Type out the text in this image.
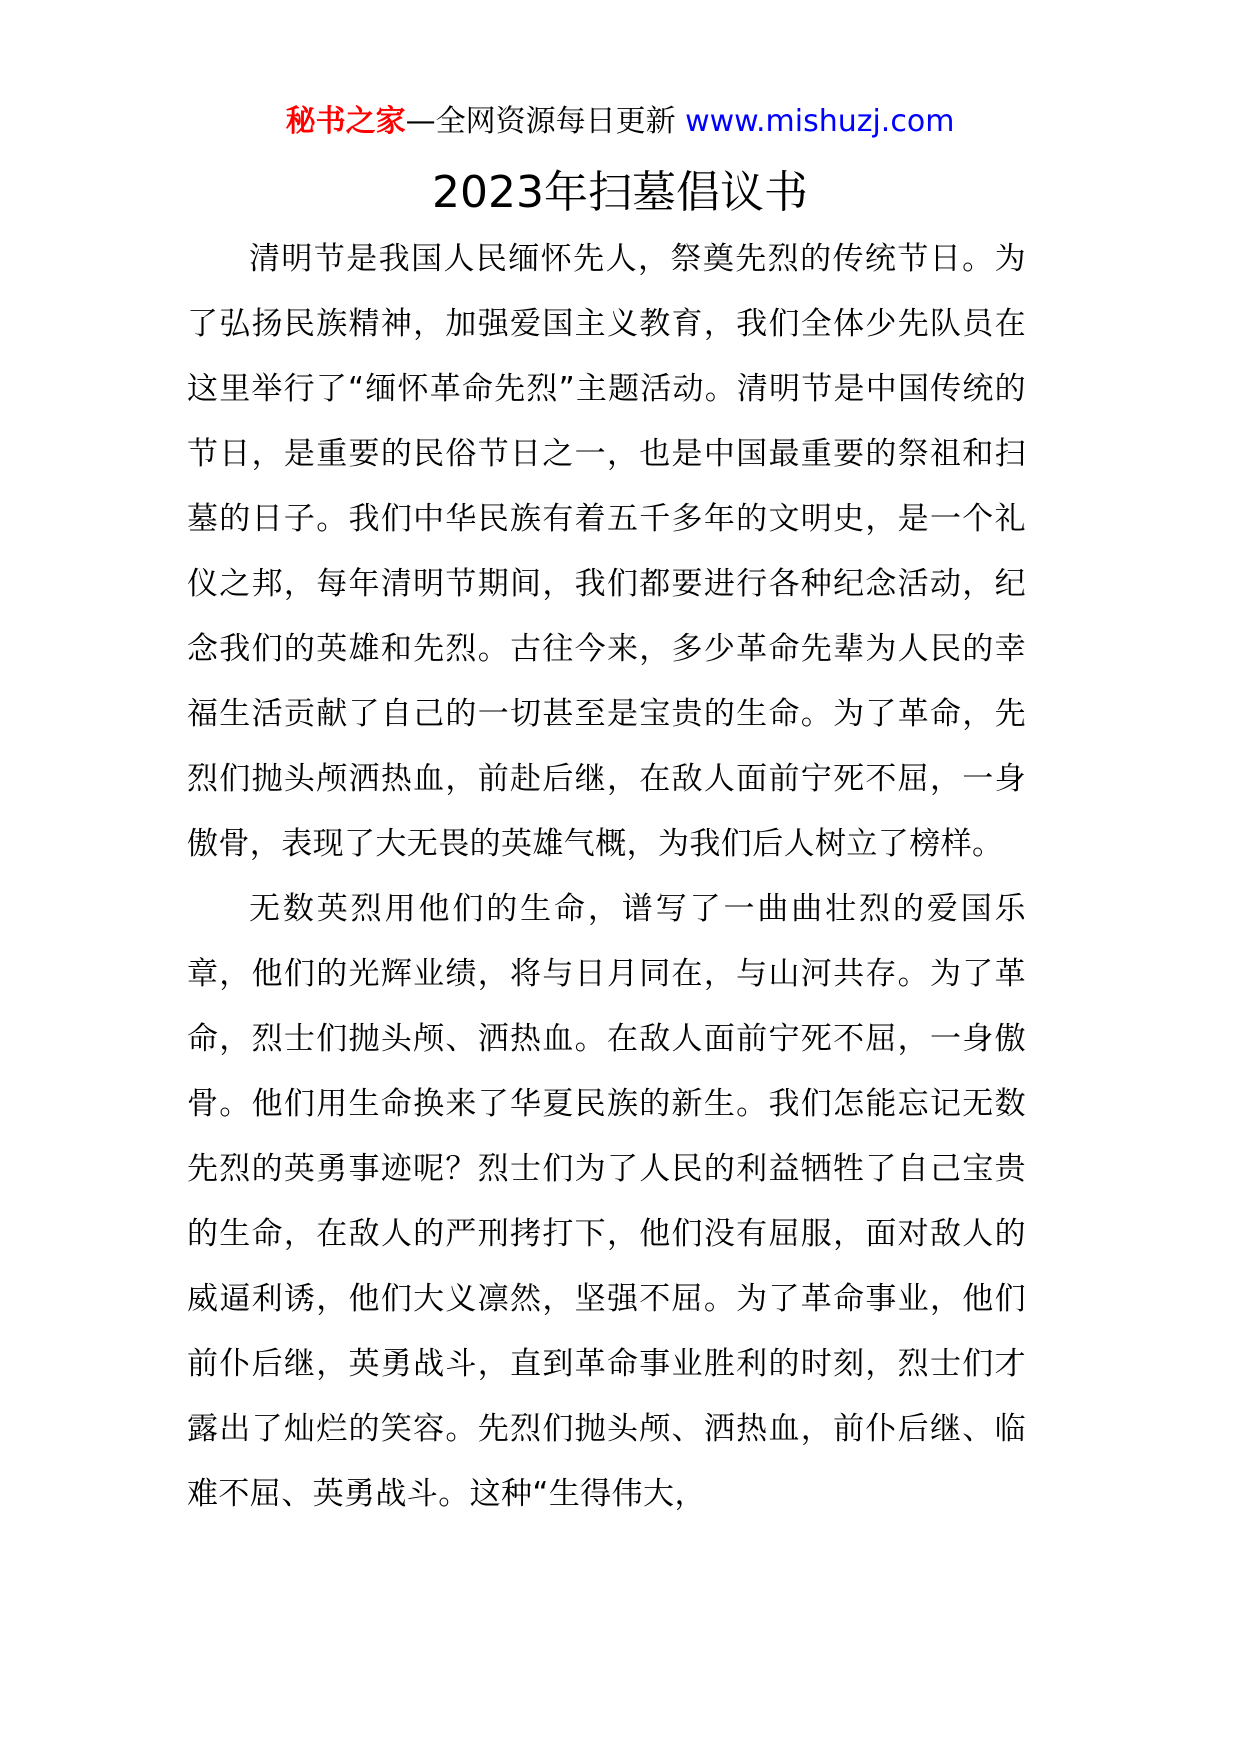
秘书之家—全网资源每日更新 www.mishuzj.com
2023年扫墓倡议书

清明节是我国人民缅怀先人，祭奠先烈的传统节日。为了弘扬民族精神，加强爱国主义教育，我们全体少先队员在这里举行了“缅怀革命先烈”主题活动。清明节是中国传统的节日，是重要的民俗节日之一，也是中国最重要的祭祖和扫墓的日子。我们中华民族有着五千多年的文明史，是一个礼仪之邦，每年清明节期间，我们都要进行各种纪念活动，纪念我们的英雄和先烈。古往今来，多少革命先辈为人民的幸福生活贡献了自己的一切甚至是宝贵的生命。为了革命，先烈们抛头颅洒热血，前赴后继，在敌人面前宁死不屈，一身傲骨，表现了大无畏的英雄气概，为我们后人树立了榜样。

无数英烈用他们的生命，谱写了一曲曲壮烈的爱国乐章，他们的光辉业绩，将与日月同在，与山河共存。为了革命，烈士们抛头颅、洒热血。在敌人面前宁死不屈，一身傲骨。他们用生命换来了华夏民族的新生。我们怎能忘记无数先烈的英勇事迹呢？烈士们为了人民的利益牺牲了自己宝贵的生命，在敌人的严刑拷打下，他们没有屈服，面对敌人的威逼利诱，他们大义凛然，坚强不屈。为了革命事业，他们前仆后继，英勇战斗，直到革命事业胜利的时刻，烈士们才露出了灿烂的笑容。先烈们抛头颅、洒热血，前仆后继、临难不屈、英勇战斗。这种“生得伟大，
